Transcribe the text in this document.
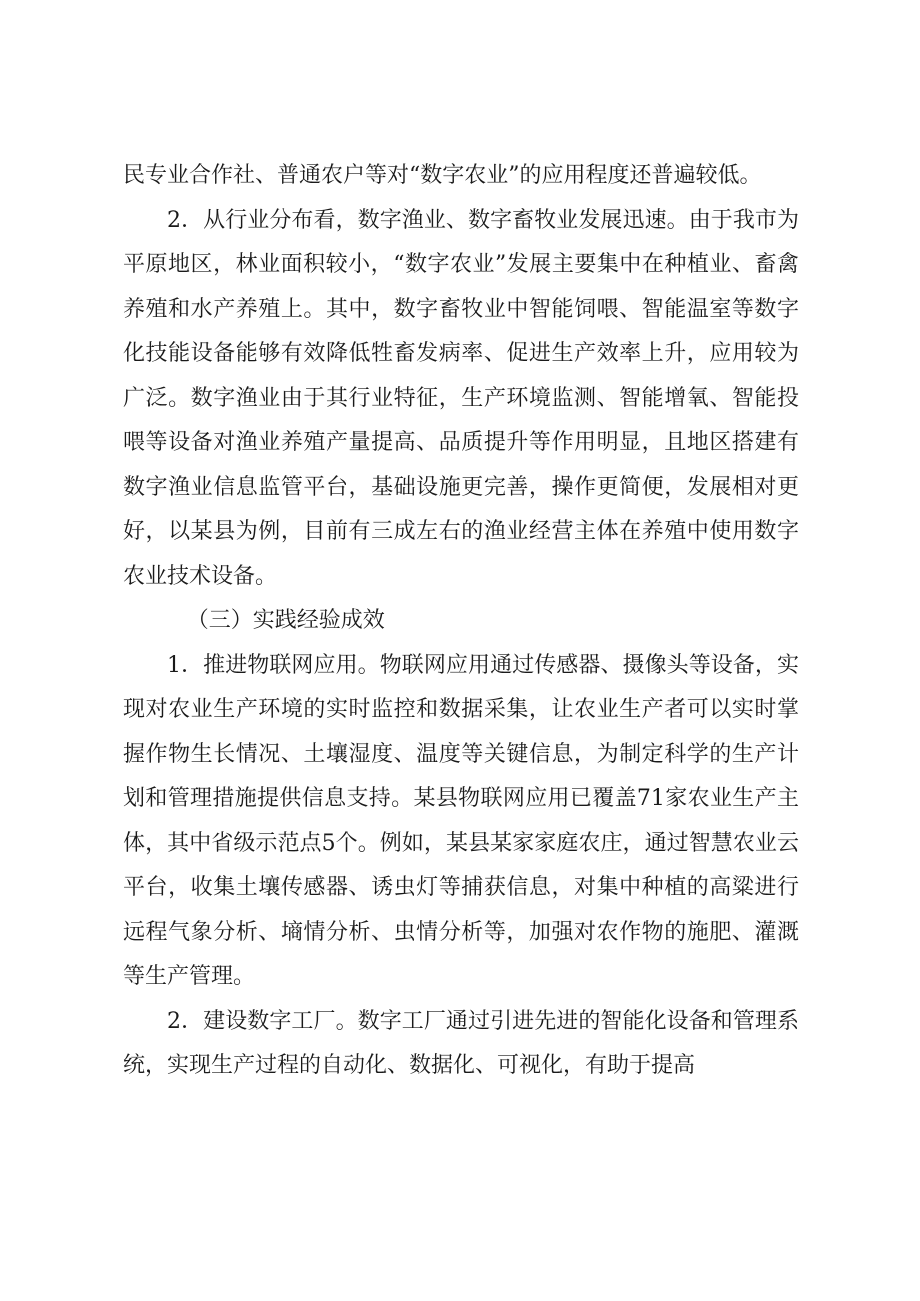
民专业合作社、普通农户等对“数字农业”的应用程度还普遍较低。

2．从行业分布看，数字渔业、数字畜牧业发展迅速。由于我市为平原地区，林业面积较小，“数字农业”发展主要集中在种植业、畜禽养殖和水产养殖上。其中，数字畜牧业中智能饲喂、智能温室等数字化技能设备能够有效降低牲畜发病率、促进生产效率上升，应用较为广泛。数字渔业由于其行业特征，生产环境监测、智能增氧、智能投喂等设备对渔业养殖产量提高、品质提升等作用明显，且地区搭建有数字渔业信息监管平台，基础设施更完善，操作更简便，发展相对更好，以某县为例，目前有三成左右的渔业经营主体在养殖中使用数字农业技术设备。

（三）实践经验成效

1．推进物联网应用。物联网应用通过传感器、摄像头等设备，实现对农业生产环境的实时监控和数据采集，让农业生产者可以实时掌握作物生长情况、土壤湿度、温度等关键信息，为制定科学的生产计划和管理措施提供信息支持。某县物联网应用已覆盖71家农业生产主体，其中省级示范点5个。例如，某县某家家庭农庄，通过智慧农业云平台，收集土壤传感器、诱虫灯等捕获信息，对集中种植的高粱进行远程气象分析、墒情分析、虫情分析等，加强对农作物的施肥、灌溉等生产管理。

2．建设数字工厂。数字工厂通过引进先进的智能化设备和管理系统，实现生产过程的自动化、数据化、可视化，有助于提高
